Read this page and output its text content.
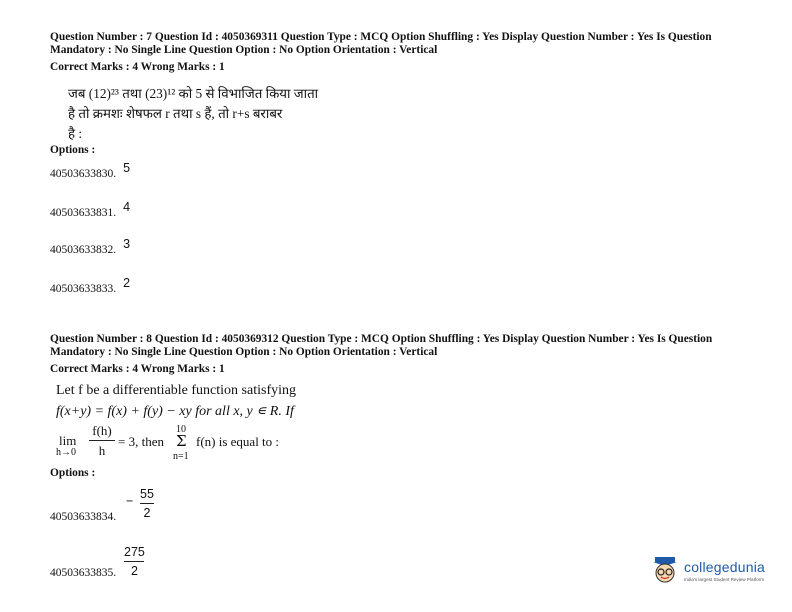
Question Number : 7 Question Id : 4050369311 Question Type : MCQ Option Shuffling : Yes Display Question Number : Yes Is Question
Mandatory : No Single Line Question Option : No Option Orientation : Vertical
Correct Marks : 4 Wrong Marks : 1
जब (12)²³ तथा (23)¹² को 5 से विभाजित किया जाता
है तो क्रमशः शेषफल r तथा s हैं, तो r+s बराबर
है :
Options :
40503633830. $^5$
40503633831. $^4$
40503633832. $^3$
40503633833. $^2$
Question Number : 8 Question Id : 4050369312 Question Type : MCQ Option Shuffling : Yes Display Question Number : Yes Is Question
Mandatory : No Single Line Question Option : No Option Orientation : Vertical
Correct Marks : 4 Wrong Marks : 1
Let f be a differentiable function satisfying
f(x+y) = f(x) + f(y) − xy for all x, y ∊ R. If
lim
h→0
f(h)
h
= 3, then
10
Σ
n=1
f(n) is equal to :
Options :
40503633834.
− $\frac{55}{2}$
40503633835. $\frac{275}{2}$	collegedunia
India's largest Student Review Platform
